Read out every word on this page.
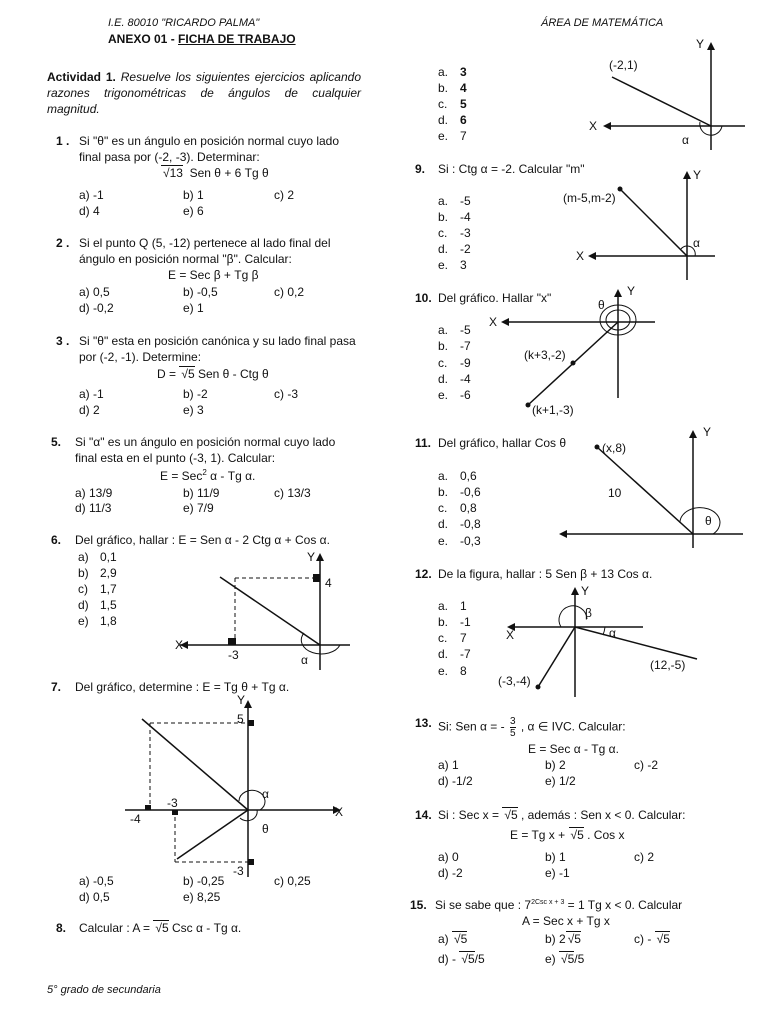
I.E. 80010 "RICARDO PALMA"	ÁREA DE MATEMÁTICA
ANEXO 01 - FICHA DE TRABAJO
Actividad 1. Resuelve los siguientes ejercicios aplicando razones trigonométricas de ángulos de cualquier magnitud.
1 . Si "θ" es un ángulo en posición normal cuyo lado
final pasa por (-2, -3). Determinar:
√13 Sen θ + 6 Tg θ
a) -1	b) 1	c) 2
d) 4	e) 6
2 . Si el punto Q (5, -12) pertenece al lado final del
ángulo en posición normal "β". Calcular:
E = Sec β + Tg β
a) 0,5	b) -0,5	c) 0,2
d) -0,2	e) 1
3 . Si "θ" esta en posición canónica y su lado final pasa
por (-2, -1). Determine:
D = √5 Sen θ - Ctg θ
a) -1	b) -2	c) -3
d) 2	e) 3
5. Si "α" es un ángulo en posición normal cuyo lado
final esta en el punto (-3, 1). Calcular:
E = Sec$^2$ α - Tg α.
a) 13/9	b) 11/9	c) 13/3
d) 11/3	e) 7/9
6. Del gráfico, hallar : E = Sen α - 2 Ctg α + Cos α.
a) 0,1
b) 2,9
c) 1,7
d) 1,5
e) 1,8
X
Y
4
-3	α
7. Del gráfico, determine : E = Tg θ + Tg α.
X
Y
5
-3
-4
-3
α
θ
a) -0,5	b) -0,25	c) 0,25
d) 0,5	e) 8,25
8. Calcular : A = √5 Csc α - Tg α.
5° grado de secundaria
a. 3
b. 4
c. 5
d. 6
e. 7
X
Y
(-2,1)
α
9. Si : Ctg α = -2. Calcular "m"
a. -5
b. -4
c. -3
d. -2
e. 3
X
Y
(m-5,m-2)
α
10. Del gráfico. Hallar "x"
a. -5
b. -7
c. -9
d. -4
e. -6
X
Y
θ
(k+3,-2)
(k+1,-3)
11. Del gráfico, hallar Cos θ
a. 0,6
b. -0,6
c. 0,8
d. -0,8
e. -0,3
Y
(x,8)
10
θ
12. De la figura, hallar : 5 Sen β + 13 Cos α.
a. 1
b. -1
c. 7
d. -7
e. 8
X
Y
β
α
(12,-5)
(-3,-4)
13. Si: Sen α = - $\frac{3}{5}$ , α ∈ IVC. Calcular:
E = Sec α - Tg α.
a) 1	b) 2	c) -2
d) -1/2	e) 1/2
14. Si : Sec x = √5 , además : Sen x < 0. Calcular:
E = Tg x + √5 . Cos x
a) 0	b) 1	c) 2
d) -2	e) -1
15. Si se sabe que : $7^{2Csc x + 3} = 1$ Tg x < 0. Calcular
A = Sec x + Tg x
a) √5	b) 2 √5	c) - √5
d) - √5/5	e) √5/5
